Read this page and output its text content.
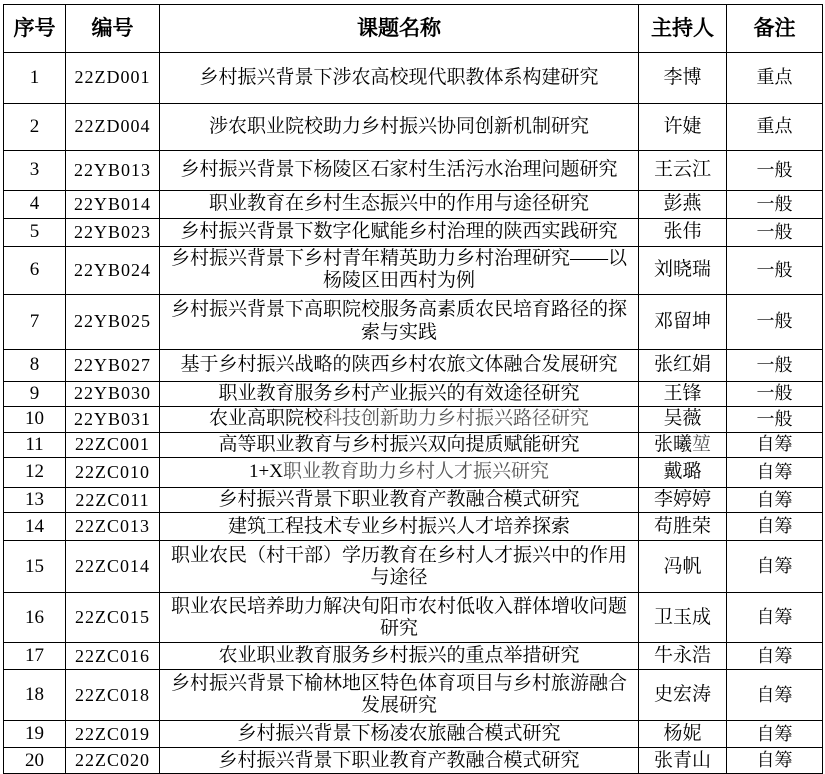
序号	编号	课题名称	主持人	备注
1	22ZD001	乡村振兴背景下涉农高校现代职教体系构建研究	李博	重点
2	22ZD004	涉农职业院校助力乡村振兴协同创新机制研究	许婕	重点
3	22YB013	乡村振兴背景下杨陵区石家村生活污水治理问题研究	王云江	一般
4	22YB014	职业教育在乡村生态振兴中的作用与途径研究	彭燕	一般
5	22YB023	乡村振兴背景下数字化赋能乡村治理的陕西实践研究	张伟	一般
6	22YB024	乡村振兴背景下乡村青年精英助力乡村治理研究——以杨陵区田西村为例	刘晓瑞	一般
7	22YB025	乡村振兴背景下高职院校服务高素质农民培育路径的探索与实践	邓留坤	一般
8	22YB027	基于乡村振兴战略的陕西乡村农旅文体融合发展研究	张红娟	一般
9	22YB030	职业教育服务乡村产业振兴的有效途径研究	王锋	一般
10	22YB031	农业高职院校科技创新助力乡村振兴路径研究	吴薇	一般
11	22ZC001	高等职业教育与乡村振兴双向提质赋能研究	张曦堃	自筹
12	22ZC010	1+X职业教育助力乡村人才振兴研究	戴璐	自筹
13	22ZC011	乡村振兴背景下职业教育产教融合模式研究	李婷婷	自筹
14	22ZC013	建筑工程技术专业乡村振兴人才培养探索	苟胜荣	自筹
15	22ZC014	职业农民（村干部）学历教育在乡村人才振兴中的作用与途径	冯帆	自筹
16	22ZC015	职业农民培养助力解决旬阳市农村低收入群体增收问题研究	卫玉成	自筹
17	22ZC016	农业职业教育服务乡村振兴的重点举措研究	牛永浩	自筹
18	22ZC018	乡村振兴背景下榆林地区特色体育项目与乡村旅游融合发展研究	史宏涛	自筹
19	22ZC019	乡村振兴背景下杨凌农旅融合模式研究	杨妮	自筹
20	22ZC020	乡村振兴背景下职业教育产教融合模式研究	张青山	自筹
